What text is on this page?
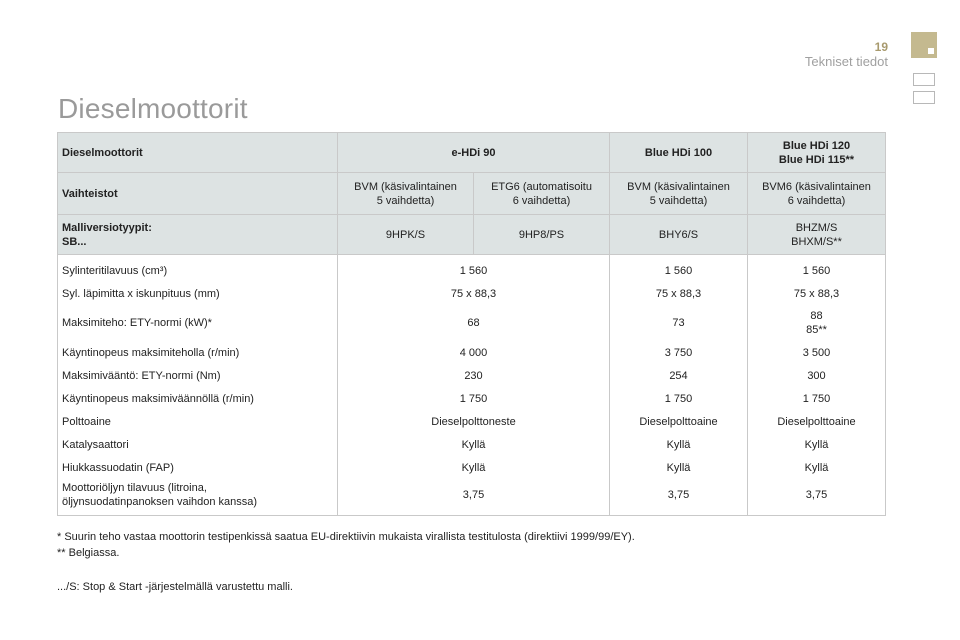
19
Tekniset tiedot
Dieselmoottorit
Dieselmoottorit	e-HDi 90		Blue HDi 100	Blue HDi 120
Blue HDi 115**
Vaihteistot	BVM (käsivalintainen
5 vaihdetta)	ETG6 (automatisoitu
6 vaihdetta)	BVM (käsivalintainen
5 vaihdetta)	BVM6 (käsivalintainen
6 vaihdetta)
Malliversiotyypit:
SB...	9HPK/S	9HP8/PS	BHY6/S	BHZM/S
BHXM/S**
Sylinteritilavuus (cm³)	1 560		1 560	1 560
Syl. läpimitta x iskunpituus (mm)	75 x 88,3		75 x 88,3	75 x 88,3
Maksimiteho: ETY-normi (kW)*	68		73	88
85**
Käyntinopeus maksimiteholla (r/min)	4 000		3 750	3 500
Maksimivääntö: ETY-normi (Nm)	230		254	300
Käyntinopeus maksimiväännöllä (r/min)	1 750		1 750	1 750
Polttoaine	Dieselpolttoneste		Dieselpolttoaine	Dieselpolttoaine
Katalysaattori	Kyllä		Kyllä	Kyllä
Hiukkassuodatin (FAP)	Kyllä		Kyllä	Kyllä
Moottoriöljyn tilavuus (litroina,
öljynsuodatinpanoksen vaihdon kanssa)	3,75		3,75	3,75
* Suurin teho vastaa moottorin testipenkissä saatua EU-direktiivin mukaista virallista testitulosta (direktiivi 1999/99/EY).
** Belgiassa.
.../S: Stop & Start -järjestelmällä varustettu malli.
